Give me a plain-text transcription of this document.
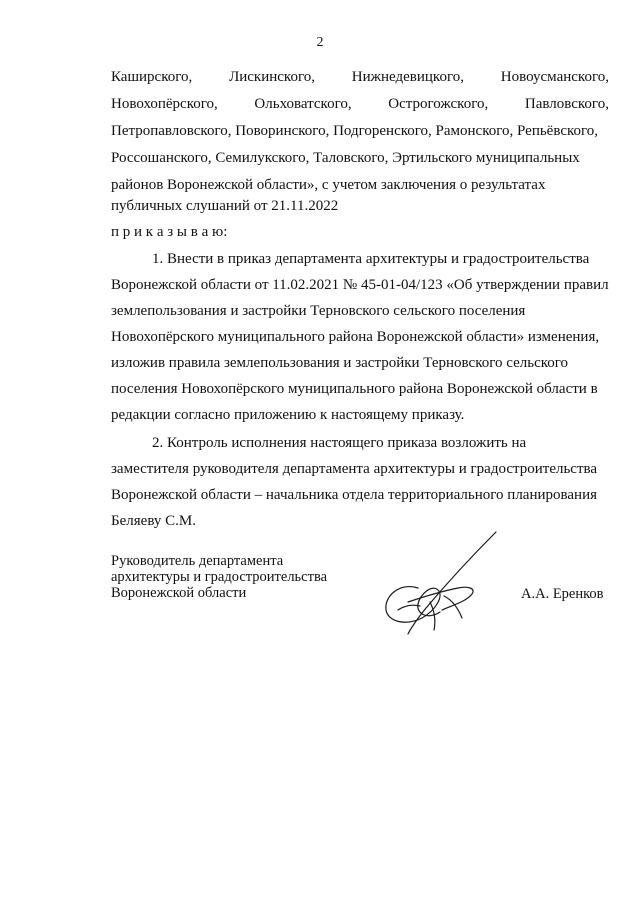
2
Каширского, Лискинского, Нижнедевицкого, Новоусманского,
Новохопёрского, Ольховатского, Острогожского, Павловского,
Петропавловского, Поворинского, Подгоренского, Рамонского, Репьёвского,
Россошанского, Семилукского, Таловского, Эртильского муниципальных
районов Воронежской области», с учетом заключения о результатах
публичных слушаний от 21.11.2022
п р и к а з ы в а ю:
1. Внести в приказ департамента архитектуры и градостроительства
Воронежской области от 11.02.2021 № 45-01-04/123 «Об утверждении правил
землепользования и застройки Терновского сельского поселения
Новохопёрского муниципального района Воронежской области» изменения,
изложив правила землепользования и застройки Терновского сельского
поселения Новохопёрского муниципального района Воронежской области в
редакции согласно приложению к настоящему приказу.
2. Контроль исполнения настоящего приказа возложить на
заместителя руководителя департамента архитектуры и градостроительства
Воронежской области – начальника отдела территориального планирования
Беляеву С.М.
Руководитель департамента
архитектуры и градостроительства
Воронежской области	А.А. Еренков
